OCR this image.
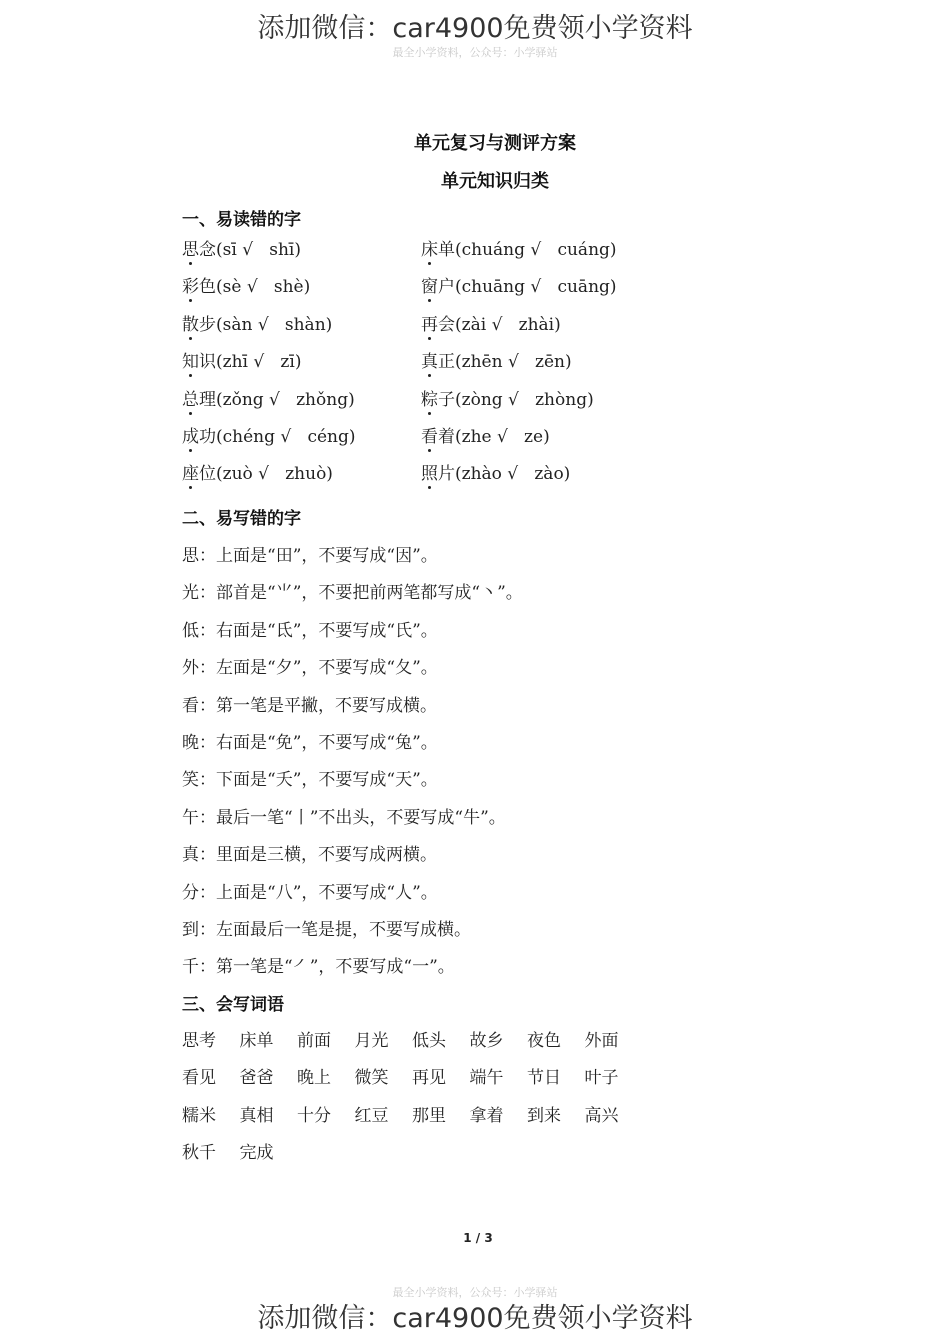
添加微信：car4900免费领小学资料
最全小学资料，公众号：小学驿站
单元复习与测评方案
单元知识归类
一、易读错的字
思念(sī √   shī)
彩色(sè √   shè)
散步(sàn √   shàn)
知识(zhī √   zī)
总理(zǒng √   zhǒng)
成功(chéng √   céng)
座位(zuò √   zhuò)
床单(chuáng √   cuáng)
窗户(chuāng √   cuāng)
再会(zài √   zhài)
真正(zhēn √   zēn)
粽子(zòng √   zhòng)
看着(zhe √   ze)
照片(zhào √   zào)
二、易写错的字
思：上面是“田”，不要写成“因”。
光：部首是“⺌”，不要把前两笔都写成“丶”。
低：右面是“氐”，不要写成“氏”。
外：左面是“夕”，不要写成“夂”。
看：第一笔是平撇，不要写成横。
晚：右面是“免”，不要写成“兔”。
笑：下面是“夭”，不要写成“天”。
午：最后一笔“丨”不出头，不要写成“牛”。
真：里面是三横，不要写成两横。
分：上面是“八”，不要写成“人”。
到：左面最后一笔是提，不要写成横。
千：第一笔是“㇒”，不要写成“一”。
三、会写词语
思考 床单 前面 月光 低头 故乡 夜色 外面
看见 爸爸 晚上 微笑 再见 端午 节日 叶子
糯米 真相 十分 红豆 那里 拿着 到来 高兴
秋千 完成
1 / 3
最全小学资料，公众号：小学驿站
添加微信：car4900免费领小学资料
